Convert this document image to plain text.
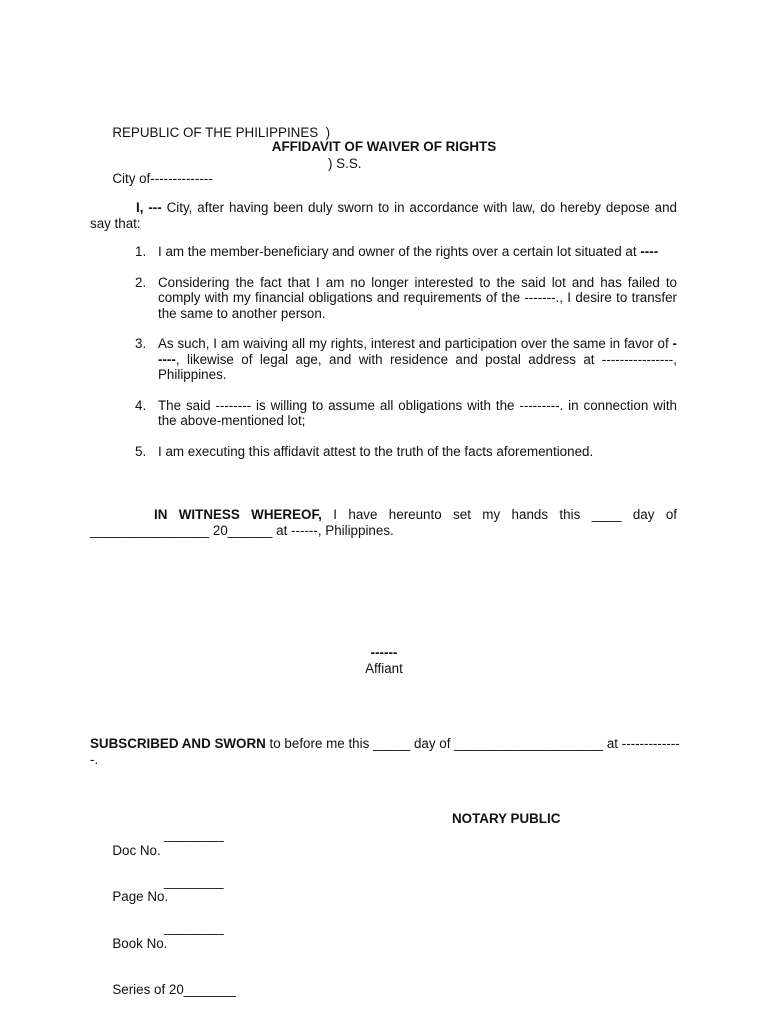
REPUBLIC OF THE PHILIPPINES  )

City of--------------

) S.S.

AFFIDAVIT OF WAIVER OF RIGHTS
I, --- City, after having been duly sworn to in accordance with law, do hereby depose and say that:
1. I am the member-beneficiary and owner of the rights over a certain lot situated at ----
2. Considering the fact that I am no longer interested to the said lot and has failed to comply with my financial obligations and requirements of the -------., I desire to transfer the same to another person.
3. As such, I am waiving all my rights, interest and participation over the same in favor of -----, likewise of legal age, and with residence and postal address at ----------------, Philippines.
4. The said -------- is willing to assume all obligations with the ---------. in connection with the above-mentioned lot;
5. I am executing this affidavit attest to the truth of the facts aforementioned.
IN WITNESS WHEREOF, I have hereunto set my hands this ____ day of ________________ 20______ at ------, Philippines.
------
Affiant
SUBSCRIBED AND SWORN to before me this _____ day of ____________________ at --------------.

Doc No.

________

Page No.

________

Book No.

________

Series of 20_______

NOTARY PUBLIC
